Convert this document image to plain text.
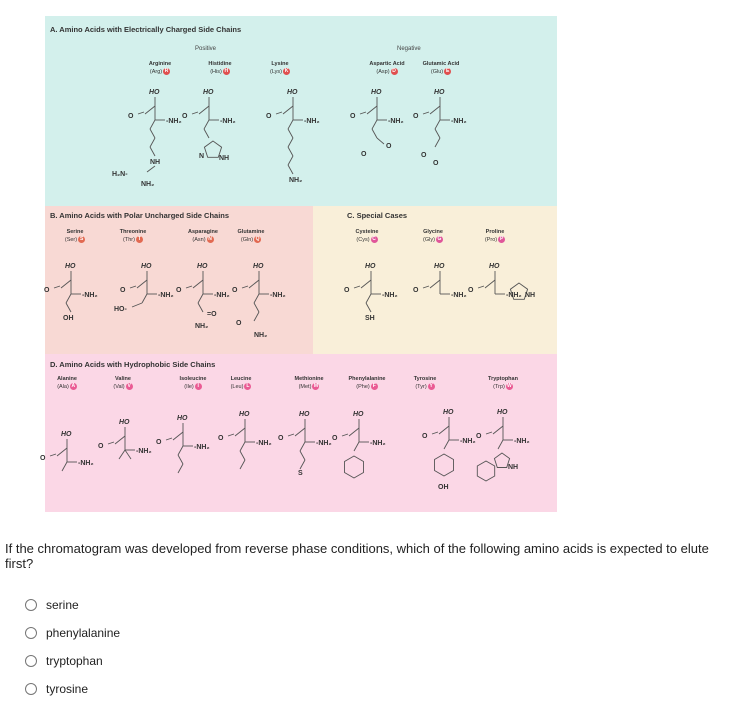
HO
O
-NH₂
NH
H₂N-
NH₂
HO
O
-NH₂
N NH
HO
O
-NH₂
NH₂
HO
O
-NH₂
O
O
HO
O
-NH₂
O
O
HO
O
-NH₂
OH
HO
O
-NH₂
HO-
HO
O
-NH₂
=O
NH₂
HO
O
-NH₂
O
NH₂
HO
O
-NH₂
SH
HO
O
-NH₂
HO
O
-NH₂ NH
HO
O
-NH₂
HO
O
-NH₂
HO
O
-NH₂
HO
O
-NH₂
HO
O
-NH₂
S
HO
O
-NH₂
HO
O
-NH₂
OH
HO
O
-NH₂
NH
A. Amino Acids with Electrically Charged Side Chains
Positive	Negative
B. Amino Acids with Polar Uncharged Side Chains	C. Special Cases
D. Amino Acids with Hydrophobic Side Chains
Arginine
(Arg) R
Histidine
(His) H
Lysine
(Lys) K
Aspartic Acid
(Asp) D
Glutamic Acid
(Glu) E
Serine
(Ser) S
Threonine
(Thr) T
Asparagine
(Asn) N
Glutamine
(Gln) Q
Cysteine
(Cys) C
Glycine
(Gly) G
Proline
(Pro) P
Alanine
(Ala) A
Valine
(Val) V
Isoleucine
(Ile) I
Leucine
(Leu) L
Methionine
(Met) M
Phenylalanine
(Phe) F
Tyrosine
(Tyr) Y
Tryptophan
(Trp) W
If the chromatogram was developed from reverse phase conditions, which of the following amino acids is expected to elute first?
serine
phenylalanine
tryptophan
tyrosine
